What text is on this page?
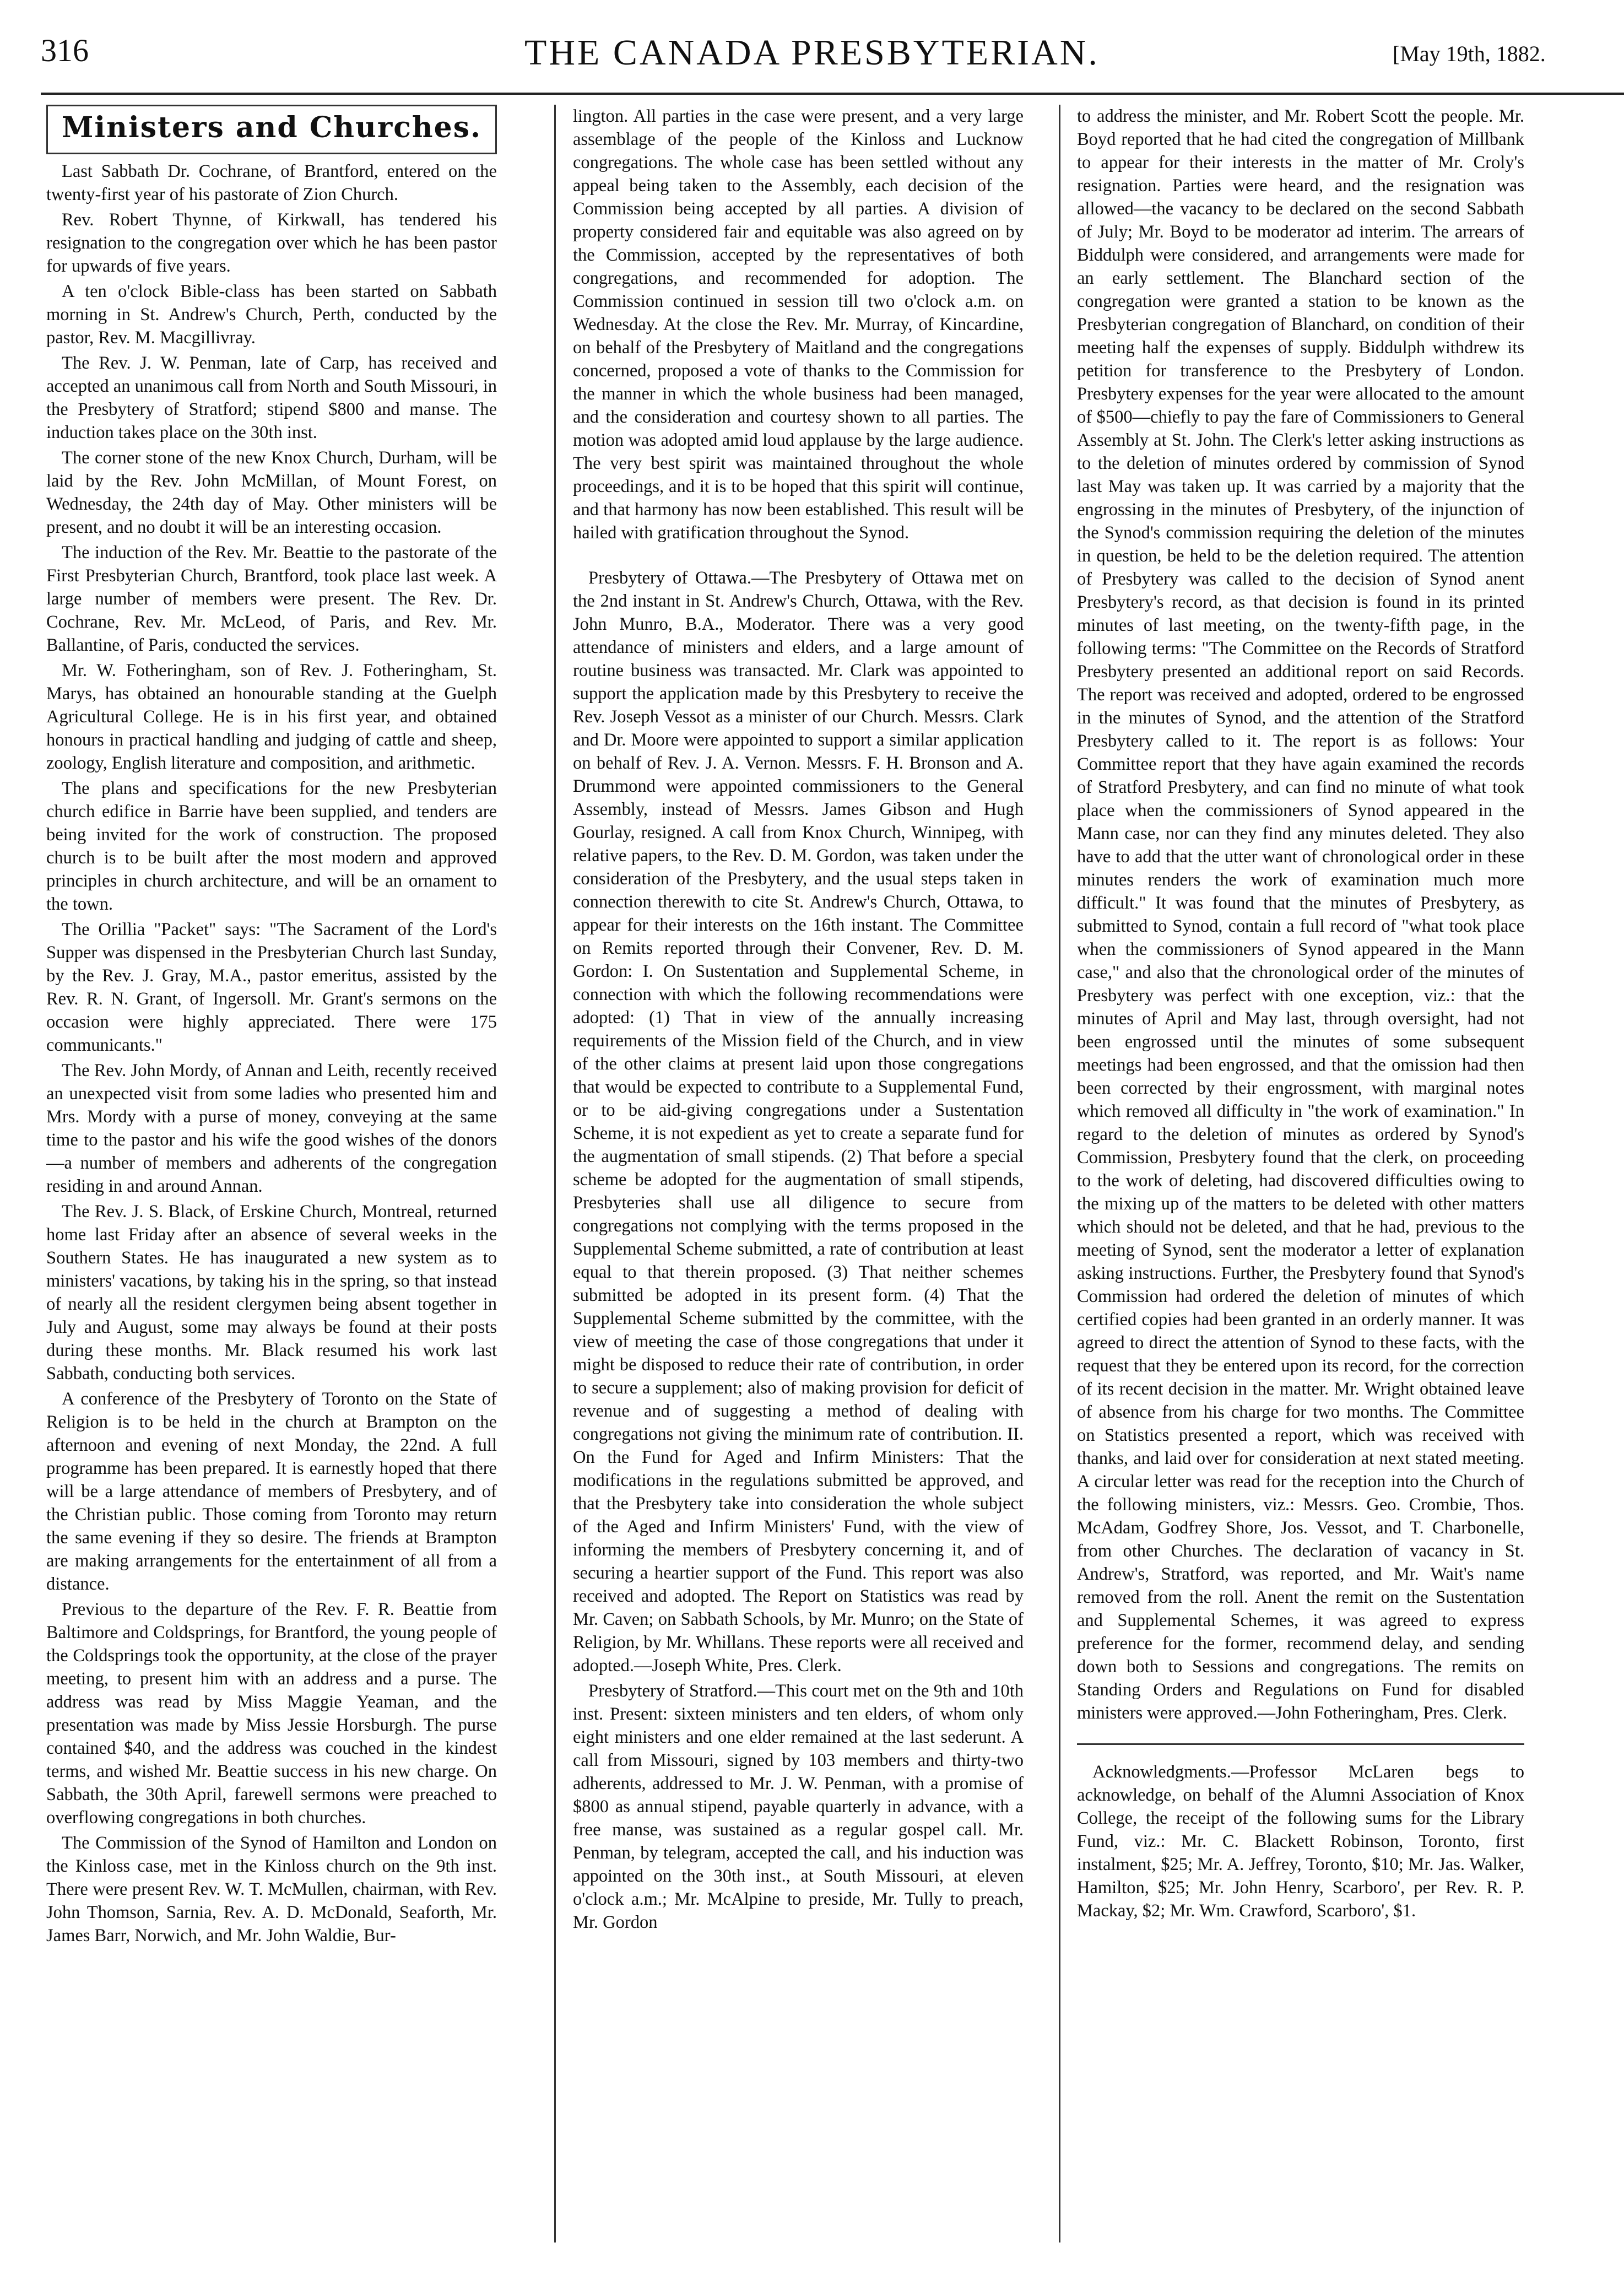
316	THE CANADA PRESBYTERIAN.	[May 19th, 1882.
Ministers and Churches.

Last Sabbath Dr. Cochrane, of Brantford, entered on the twenty-first year of his pastorate of Zion Church.

Rev. Robert Thynne, of Kirkwall, has tendered his resignation to the congregation over which he has been pastor for upwards of five years.

A ten o'clock Bible-class has been started on Sabbath morning in St. Andrew's Church, Perth, conducted by the pastor, Rev. M. Macgillivray.

The Rev. J. W. Penman, late of Carp, has received and accepted an unanimous call from North and South Missouri, in the Presbytery of Stratford; stipend $800 and manse. The induction takes place on the 30th inst.

The corner stone of the new Knox Church, Durham, will be laid by the Rev. John McMillan, of Mount Forest, on Wednesday, the 24th day of May. Other ministers will be present, and no doubt it will be an interesting occasion.

The induction of the Rev. Mr. Beattie to the pastorate of the First Presbyterian Church, Brantford, took place last week. A large number of members were present. The Rev. Dr. Cochrane, Rev. Mr. McLeod, of Paris, and Rev. Mr. Ballantine, of Paris, conducted the services.

Mr. W. Fotheringham, son of Rev. J. Fotheringham, St. Marys, has obtained an honourable standing at the Guelph Agricultural College. He is in his first year, and obtained honours in practical handling and judging of cattle and sheep, zoology, English literature and composition, and arithmetic.

The plans and specifications for the new Presbyterian church edifice in Barrie have been supplied, and tenders are being invited for the work of construction. The proposed church is to be built after the most modern and approved principles in church architecture, and will be an ornament to the town.

The Orillia "Packet" says: "The Sacrament of the Lord's Supper was dispensed in the Presbyterian Church last Sunday, by the Rev. J. Gray, M.A., pastor emeritus, assisted by the Rev. R. N. Grant, of Ingersoll. Mr. Grant's sermons on the occasion were highly appreciated. There were 175 communicants."

The Rev. John Mordy, of Annan and Leith, recently received an unexpected visit from some ladies who presented him and Mrs. Mordy with a purse of money, conveying at the same time to the pastor and his wife the good wishes of the donors—a number of members and adherents of the congregation residing in and around Annan.

The Rev. J. S. Black, of Erskine Church, Montreal, returned home last Friday after an absence of several weeks in the Southern States. He has inaugurated a new system as to ministers' vacations, by taking his in the spring, so that instead of nearly all the resident clergymen being absent together in July and August, some may always be found at their posts during these months. Mr. Black resumed his work last Sabbath, conducting both services.

A conference of the Presbytery of Toronto on the State of Religion is to be held in the church at Brampton on the afternoon and evening of next Monday, the 22nd. A full programme has been prepared. It is earnestly hoped that there will be a large attendance of members of Presbytery, and of the Christian public. Those coming from Toronto may return the same evening if they so desire. The friends at Brampton are making arrangements for the entertainment of all from a distance.

Previous to the departure of the Rev. F. R. Beattie from Baltimore and Coldsprings, for Brantford, the young people of the Coldsprings took the opportunity, at the close of the prayer meeting, to present him with an address and a purse. The address was read by Miss Maggie Yeaman, and the presentation was made by Miss Jessie Horsburgh. The purse contained $40, and the address was couched in the kindest terms, and wished Mr. Beattie success in his new charge. On Sabbath, the 30th April, farewell sermons were preached to overflowing congregations in both churches.

The Commission of the Synod of Hamilton and London on the Kinloss case, met in the Kinloss church on the 9th inst. There were present Rev. W. T. McMullen, chairman, with Rev. John Thomson, Sarnia, Rev. A. D. McDonald, Seaforth, Mr. James Barr, Norwich, and Mr. John Waldie, Bur-

lington. All parties in the case were present, and a very large assemblage of the people of the Kinloss and Lucknow congregations. The whole case has been settled without any appeal being taken to the Assembly, each decision of the Commission being accepted by all parties. A division of property considered fair and equitable was also agreed on by the Commission, accepted by the representatives of both congregations, and recommended for adoption. The Commission continued in session till two o'clock a.m. on Wednesday. At the close the Rev. Mr. Murray, of Kincardine, on behalf of the Presbytery of Maitland and the congregations concerned, proposed a vote of thanks to the Commission for the manner in which the whole business had been managed, and the consideration and courtesy shown to all parties. The motion was adopted amid loud applause by the large audience. The very best spirit was maintained throughout the whole proceedings, and it is to be hoped that this spirit will continue, and that harmony has now been established. This result will be hailed with gratification throughout the Synod.

Presbytery of Ottawa.—The Presbytery of Ottawa met on the 2nd instant in St. Andrew's Church, Ottawa, with the Rev. John Munro, B.A., Moderator. There was a very good attendance of ministers and elders, and a large amount of routine business was transacted. Mr. Clark was appointed to support the application made by this Presbytery to receive the Rev. Joseph Vessot as a minister of our Church. Messrs. Clark and Dr. Moore were appointed to support a similar application on behalf of Rev. J. A. Vernon. Messrs. F. H. Bronson and A. Drummond were appointed commissioners to the General Assembly, instead of Messrs. James Gibson and Hugh Gourlay, resigned. A call from Knox Church, Winnipeg, with relative papers, to the Rev. D. M. Gordon, was taken under the consideration of the Presbytery, and the usual steps taken in connection therewith to cite St. Andrew's Church, Ottawa, to appear for their interests on the 16th instant. The Committee on Remits reported through their Convener, Rev. D. M. Gordon: I. On Sustentation and Supplemental Scheme, in connection with which the following recommendations were adopted: (1) That in view of the annually increasing requirements of the Mission field of the Church, and in view of the other claims at present laid upon those congregations that would be expected to contribute to a Supplemental Fund, or to be aid-giving congregations under a Sustentation Scheme, it is not expedient as yet to create a separate fund for the augmentation of small stipends. (2) That before a special scheme be adopted for the augmentation of small stipends, Presbyteries shall use all diligence to secure from congregations not complying with the terms proposed in the Supplemental Scheme submitted, a rate of contribution at least equal to that therein proposed. (3) That neither schemes submitted be adopted in its present form. (4) That the Supplemental Scheme submitted by the committee, with the view of meeting the case of those congregations that under it might be disposed to reduce their rate of contribution, in order to secure a supplement; also of making provision for deficit of revenue and of suggesting a method of dealing with congregations not giving the minimum rate of contribution. II. On the Fund for Aged and Infirm Ministers: That the modifications in the regulations submitted be approved, and that the Presbytery take into consideration the whole subject of the Aged and Infirm Ministers' Fund, with the view of informing the members of Presbytery concerning it, and of securing a heartier support of the Fund. This report was also received and adopted. The Report on Statistics was read by Mr. Caven; on Sabbath Schools, by Mr. Munro; on the State of Religion, by Mr. Whillans. These reports were all received and adopted.—Joseph White, Pres. Clerk.

Presbytery of Stratford.—This court met on the 9th and 10th inst. Present: sixteen ministers and ten elders, of whom only eight ministers and one elder remained at the last sederunt. A call from Missouri, signed by 103 members and thirty-two adherents, addressed to Mr. J. W. Penman, with a promise of $800 as annual stipend, payable quarterly in advance, with a free manse, was sustained as a regular gospel call. Mr. Penman, by telegram, accepted the call, and his induction was appointed on the 30th inst., at South Missouri, at eleven o'clock a.m.; Mr. McAlpine to preside, Mr. Tully to preach, Mr. Gordon

to address the minister, and Mr. Robert Scott the people. Mr. Boyd reported that he had cited the congregation of Millbank to appear for their interests in the matter of Mr. Croly's resignation. Parties were heard, and the resignation was allowed—the vacancy to be declared on the second Sabbath of July; Mr. Boyd to be moderator ad interim. The arrears of Biddulph were considered, and arrangements were made for an early settlement. The Blanchard section of the congregation were granted a station to be known as the Presbyterian congregation of Blanchard, on condition of their meeting half the expenses of supply. Biddulph withdrew its petition for transference to the Presbytery of London. Presbytery expenses for the year were allocated to the amount of $500—chiefly to pay the fare of Commissioners to General Assembly at St. John. The Clerk's letter asking instructions as to the deletion of minutes ordered by commission of Synod last May was taken up. It was carried by a majority that the engrossing in the minutes of Presbytery, of the injunction of the Synod's commission requiring the deletion of the minutes in question, be held to be the deletion required. The attention of Presbytery was called to the decision of Synod anent Presbytery's record, as that decision is found in its printed minutes of last meeting, on the twenty-fifth page, in the following terms: "The Committee on the Records of Stratford Presbytery presented an additional report on said Records. The report was received and adopted, ordered to be engrossed in the minutes of Synod, and the attention of the Stratford Presbytery called to it. The report is as follows: Your Committee report that they have again examined the records of Stratford Presbytery, and can find no minute of what took place when the commissioners of Synod appeared in the Mann case, nor can they find any minutes deleted. They also have to add that the utter want of chronological order in these minutes renders the work of examination much more difficult." It was found that the minutes of Presbytery, as submitted to Synod, contain a full record of "what took place when the commissioners of Synod appeared in the Mann case," and also that the chronological order of the minutes of Presbytery was perfect with one exception, viz.: that the minutes of April and May last, through oversight, had not been engrossed until the minutes of some subsequent meetings had been engrossed, and that the omission had then been corrected by their engrossment, with marginal notes which removed all difficulty in "the work of examination." In regard to the deletion of minutes as ordered by Synod's Commission, Presbytery found that the clerk, on proceeding to the work of deleting, had discovered difficulties owing to the mixing up of the matters to be deleted with other matters which should not be deleted, and that he had, previous to the meeting of Synod, sent the moderator a letter of explanation asking instructions. Further, the Presbytery found that Synod's Commission had ordered the deletion of minutes of which certified copies had been granted in an orderly manner. It was agreed to direct the attention of Synod to these facts, with the request that they be entered upon its record, for the correction of its recent decision in the matter. Mr. Wright obtained leave of absence from his charge for two months. The Committee on Statistics presented a report, which was received with thanks, and laid over for consideration at next stated meeting. A circular letter was read for the reception into the Church of the following ministers, viz.: Messrs. Geo. Crombie, Thos. McAdam, Godfrey Shore, Jos. Vessot, and T. Charbonelle, from other Churches. The declaration of vacancy in St. Andrew's, Stratford, was reported, and Mr. Wait's name removed from the roll. Anent the remit on the Sustentation and Supplemental Schemes, it was agreed to express preference for the former, recommend delay, and sending down both to Sessions and congregations. The remits on Standing Orders and Regulations on Fund for disabled ministers were approved.—John Fotheringham, Pres. Clerk.

Acknowledgments.—Professor McLaren begs to acknowledge, on behalf of the Alumni Association of Knox College, the receipt of the following sums for the Library Fund, viz.: Mr. C. Blackett Robinson, Toronto, first instalment, $25; Mr. A. Jeffrey, Toronto, $10; Mr. Jas. Walker, Hamilton, $25; Mr. John Henry, Scarboro', per Rev. R. P. Mackay, $2; Mr. Wm. Crawford, Scarboro', $1.
